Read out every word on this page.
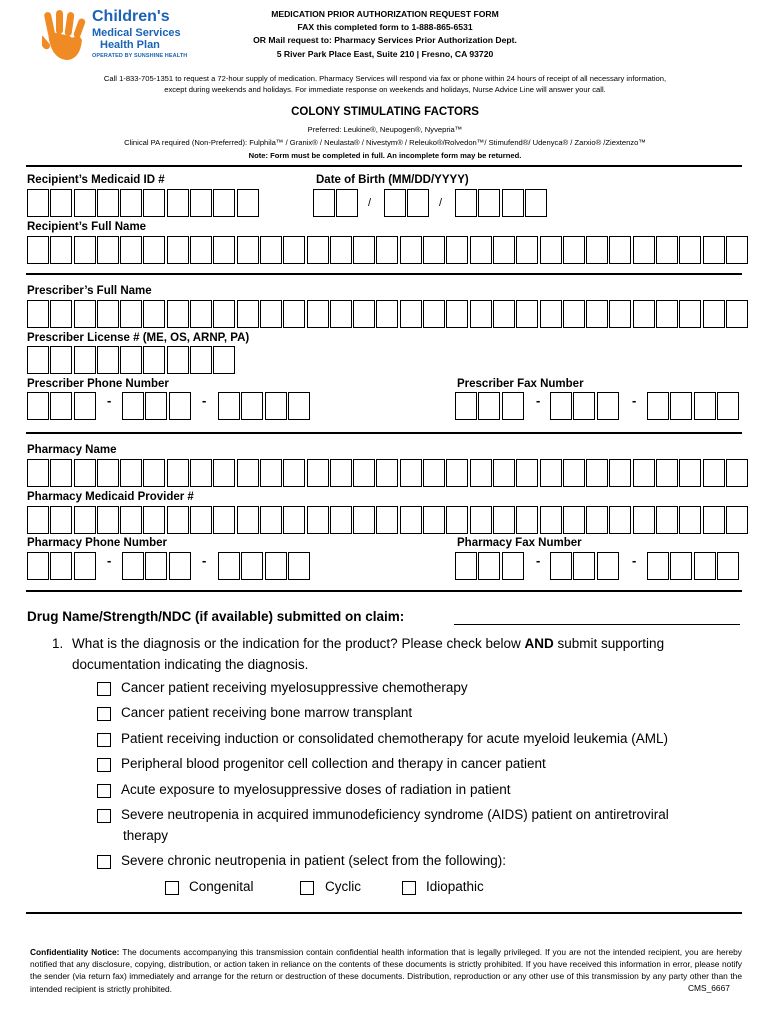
Children's
Medical Services
Health Plan
OPERATED BY SUNSHINE HEALTH
MEDICATION PRIOR AUTHORIZATION REQUEST FORM
FAX this completed form to 1-888-865-6531
OR Mail request to: Pharmacy Services Prior Authorization Dept.
5 River Park Place East, Suite 210 | Fresno, CA 93720
Call 1-833-705-1351 to request a 72-hour supply of medication. Pharmacy Services will respond via fax or phone within 24 hours of receipt of all necessary information,
except during weekends and holidays. For immediate response on weekends and holidays, Nurse Advice Line will answer your call.
COLONY STIMULATING FACTORS
Preferred: Leukine®, Neupogen®, Nyvepria™
Clinical PA required (Non-Preferred): Fulphila™ / Granix® / Neulasta® / Nivestym® / Releuko®/Rolvedon™/ Stimufend®/ Udenyca® / Zarxio® /Ziextenzo™
Note: Form must be completed in full. An incomplete form may be returned.
Recipient’s Medicaid ID #	Date of Birth (MM/DD/YYYY)
/	/
Recipient’s Full Name
Prescriber’s Full Name
Prescriber License # (ME, OS, ARNP, PA)
Prescriber Phone Number	Prescriber Fax Number
-	-	-	-
Pharmacy Name
Pharmacy Medicaid Provider #
Pharmacy Phone Number	Pharmacy Fax Number
-	-	-	-
Drug Name/Strength/NDC (if available) submitted on claim:
1. What is the diagnosis or the indication for the product? Please check below AND submit supporting
documentation indicating the diagnosis.
Cancer patient receiving myelosuppressive chemotherapy
Cancer patient receiving bone marrow transplant
Patient receiving induction or consolidated chemotherapy for acute myeloid leukemia (AML)
Peripheral blood progenitor cell collection and therapy in cancer patient
Acute exposure to myelosuppressive doses of radiation in patient
Severe neutropenia in acquired immunodeficiency syndrome (AIDS) patient on antiretroviral
therapy
Severe chronic neutropenia in patient (select from the following):
Congenital	Cyclic	Idiopathic
Confidentiality Notice: The documents accompanying this transmission contain confidential health information that is legally privileged. If you are not the intended recipient, you are hereby notified that any disclosure, copying, distribution, or action taken in reliance on the contents of these documents is strictly prohibited. If you have received this information in error, please notify the sender (via return fax) immediately and arrange for the return or destruction of these documents. Distribution, reproduction or any other use of this transmission by any party other than the intended recipient is strictly prohibited.	CMS_6667
